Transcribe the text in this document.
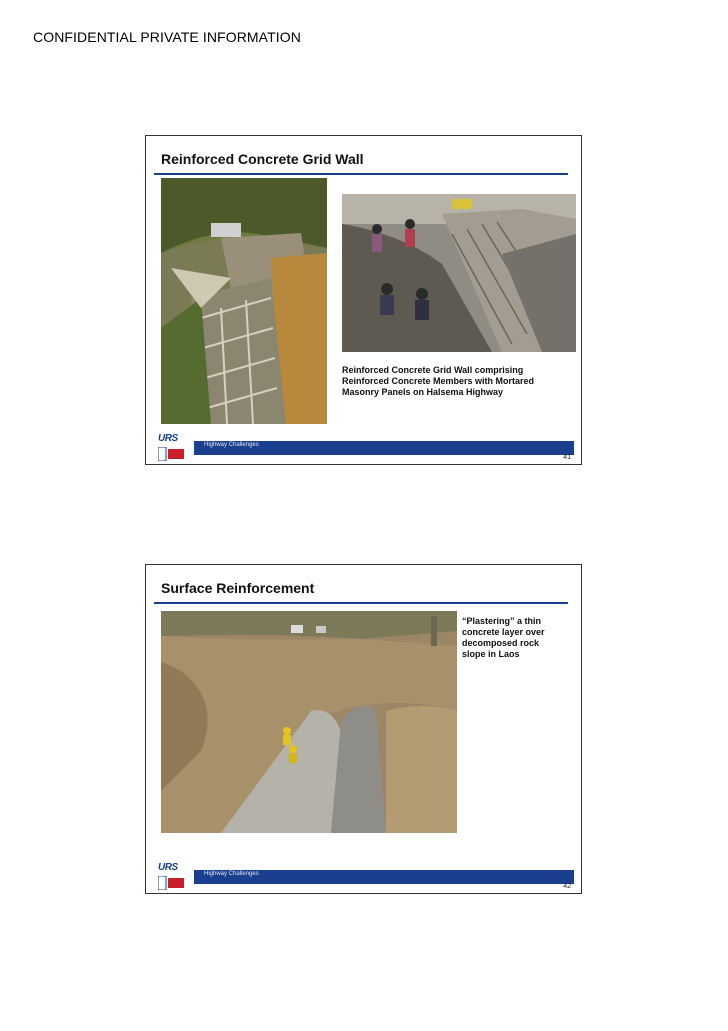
CONFIDENTIAL PRIVATE INFORMATION
Reinforced Concrete Grid Wall
Reinforced Concrete Grid Wall comprising Reinforced Concrete Members with Mortared Masonry Panels on Halsema Highway
URS
Highway Challenges
41
Surface Reinforcement
“Plastering” a thin concrete layer over decomposed rock slope in Laos
URS
Highway Challenges
42
